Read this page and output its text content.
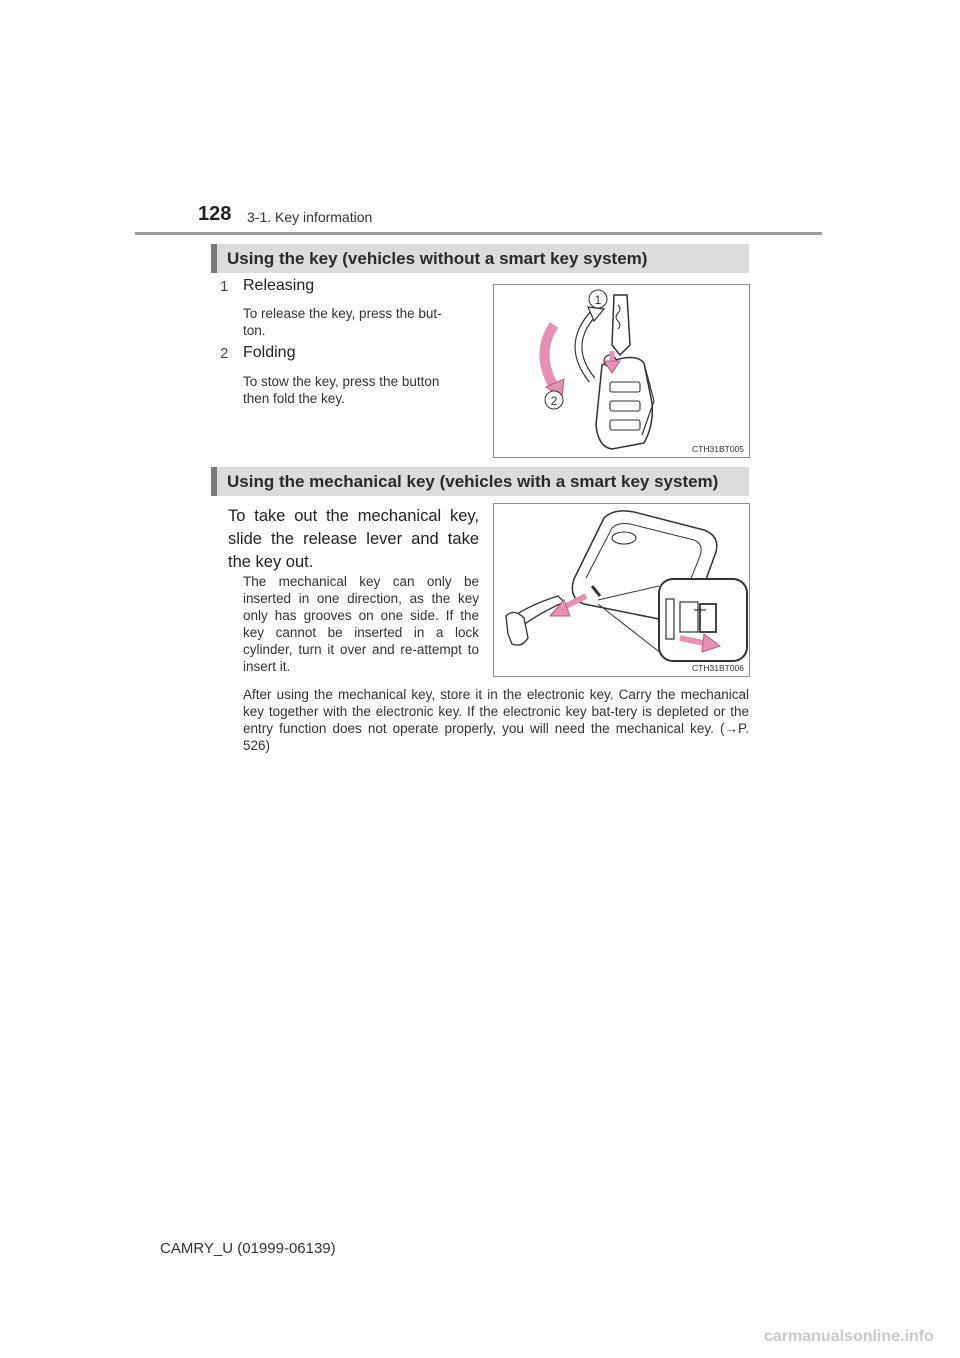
128 3-1. Key information
Using the key (vehicles without a smart key system)
1 Releasing
To release the key, press the but-
ton.
2 Folding
To stow the key, press the button
then fold the key.
1
2
CTH31BT005
Using the mechanical key (vehicles with a smart key system)
To take out the mechanical key, slide the release lever and take the key out.
The mechanical key can only be inserted in one direction, as the key only has grooves on one side. If the key cannot be inserted in a lock cylinder, turn it over and re-attempt to insert it.	CTH31BT006
After using the mechanical key, store it in the electronic key. Carry the mechanical key together with the electronic key. If the electronic key bat-tery is depleted or the entry function does not operate properly, you will need the mechanical key. (→P. 526)
CAMRY_U (01999-06139)
carmanualsonline.info
